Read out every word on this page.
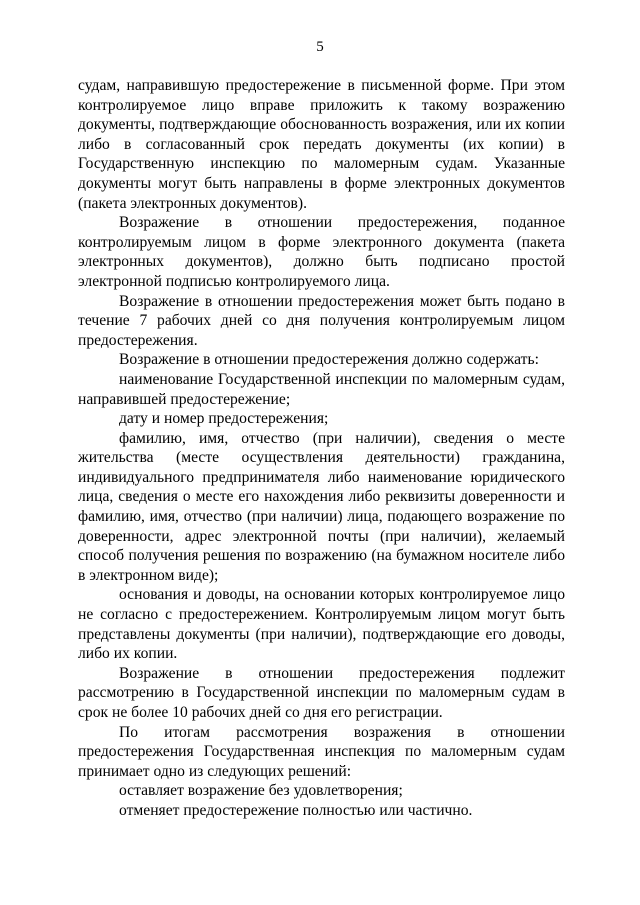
5

судам, направившую предостережение в письменной форме. При этом контролируемое лицо вправе приложить к такому возражению документы, подтверждающие обоснованность возражения, или их копии либо в согласованный срок передать документы (их копии) в Государственную инспекцию по маломерным судам. Указанные документы могут быть направлены в форме электронных документов (пакета электронных документов).

Возражение в отношении предостережения, поданное контролируемым лицом в форме электронного документа (пакета электронных документов), должно быть подписано простой электронной подписью контролируемого лица.

Возражение в отношении предостережения может быть подано в течение 7 рабочих дней со дня получения контролируемым лицом предостережения.

Возражение в отношении предостережения должно содержать:

наименование Государственной инспекции по маломерным судам, направившей предостережение;

дату и номер предостережения;

фамилию, имя, отчество (при наличии), сведения о месте жительства (месте осуществления деятельности) гражданина, индивидуального предпринимателя либо наименование юридического лица, сведения о месте его нахождения либо реквизиты доверенности и фамилию, имя, отчество (при наличии) лица, подающего возражение по доверенности, адрес электронной почты (при наличии), желаемый способ получения решения по возражению (на бумажном носителе либо в электронном виде);

основания и доводы, на основании которых контролируемое лицо не согласно с предостережением. Контролируемым лицом могут быть представлены документы (при наличии), подтверждающие его доводы, либо их копии.

Возражение в отношении предостережения подлежит рассмотрению в Государственной инспекции по маломерным судам в срок не более 10 рабочих дней со дня его регистрации.

По итогам рассмотрения возражения в отношении предостережения Государственная инспекция по маломерным судам принимает одно из следующих решений:

оставляет возражение без удовлетворения;

отменяет предостережение полностью или частично.
